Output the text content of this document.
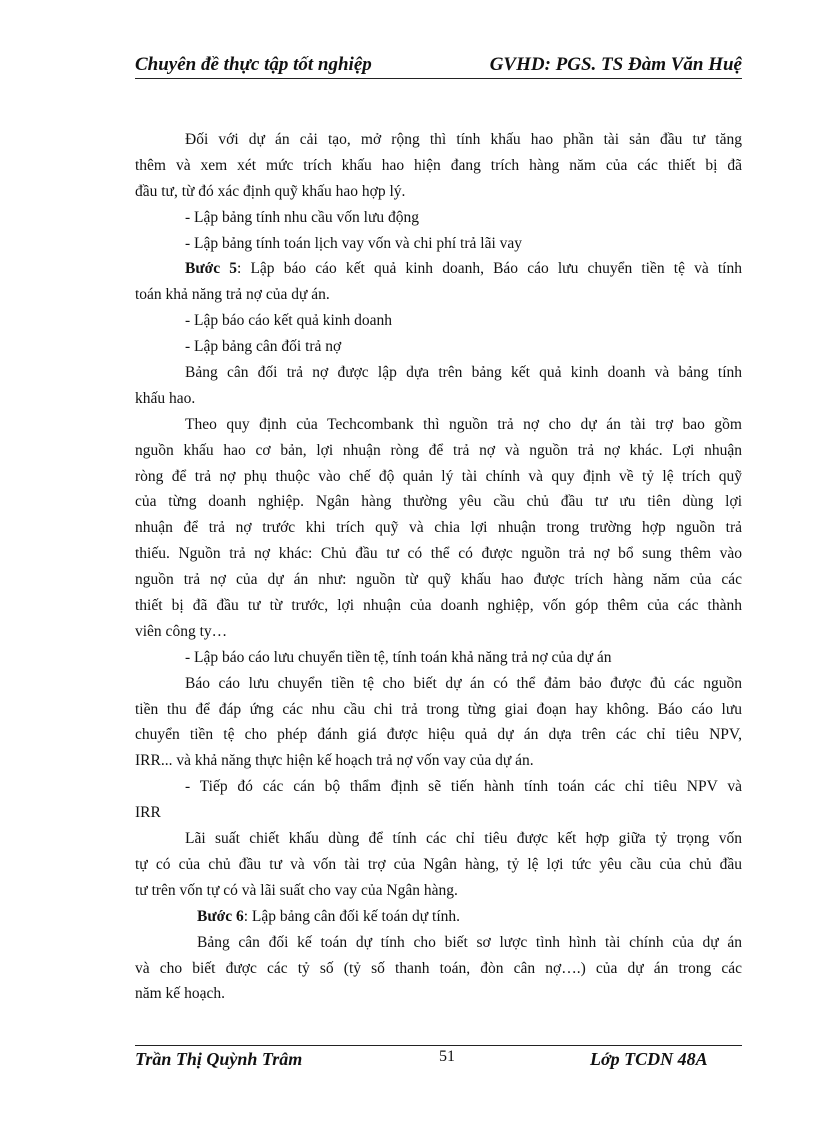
Chuyên đề thực tập tốt nghiệp	GVHD: PGS. TS Đàm Văn Huệ
Đối với dự án cải tạo, mở rộng thì tính khấu hao phần tài sản đầu tư tăng
thêm và xem xét mức trích khấu hao hiện đang trích hàng năm của các thiết bị đã
đầu tư, từ đó xác định quỹ khấu hao hợp lý.
- Lập bảng tính nhu cầu vốn lưu động
- Lập bảng tính toán lịch vay vốn và chi phí trả lãi vay
Bước 5: Lập báo cáo kết quả kinh doanh, Báo cáo lưu chuyển tiền tệ và tính
toán khả năng trả nợ của dự án.
- Lập báo cáo kết quả kinh doanh
- Lập bảng cân đối trả nợ
Bảng cân đối trả nợ được lập dựa trên bảng kết quả kinh doanh và bảng tính
khấu hao.
Theo quy định của Techcombank thì nguồn trả nợ cho dự án tài trợ bao gồm
nguồn khấu hao cơ bản, lợi nhuận ròng để trả nợ và nguồn trả nợ khác. Lợi nhuận
ròng để trả nợ phụ thuộc vào chế độ quản lý tài chính và quy định về tỷ lệ trích quỹ
của từng doanh nghiệp. Ngân hàng thường yêu cầu chủ đầu tư ưu tiên dùng lợi
nhuận để trả nợ trước khi trích quỹ và chia lợi nhuận trong trường hợp nguồn trả
thiếu. Nguồn trả nợ khác: Chủ đầu tư có thể có được nguồn trả nợ bổ sung thêm vào
nguồn trả nợ của dự án như: nguồn từ quỹ khấu hao được trích hàng năm của các
thiết bị đã đầu tư từ trước, lợi nhuận của doanh nghiệp, vốn góp thêm của các thành
viên công ty…
- Lập báo cáo lưu chuyển tiền tệ, tính toán khả năng trả nợ của dự án
Báo cáo lưu chuyển tiền tệ cho biết dự án có thể đảm bảo được đủ các nguồn
tiền thu để đáp ứng các nhu cầu chi trả trong từng giai đoạn hay không. Báo cáo lưu
chuyển tiền tệ cho phép đánh giá được hiệu quả dự án dựa trên các chỉ tiêu NPV,
IRR... và khả năng thực hiện kế hoạch trả nợ vốn vay của dự án.
- Tiếp đó các cán bộ thẩm định sẽ tiến hành tính toán các chỉ tiêu NPV và
IRR
Lãi suất chiết khấu dùng để tính các chỉ tiêu được kết hợp giữa tỷ trọng vốn
tự có của chủ đầu tư và vốn tài trợ của Ngân hàng, tỷ lệ lợi tức yêu cầu của chủ đầu
tư trên vốn tự có và lãi suất cho vay của Ngân hàng.
Bước 6: Lập bảng cân đối kế toán dự tính.
Bảng cân đối kế toán dự tính cho biết sơ lược tình hình tài chính của dự án
và cho biết được các tỷ số (tỷ số thanh toán, đòn cân nợ….) của dự án trong các
năm kế hoạch.
Trần Thị Quỳnh Trâm	51	Lớp TCDN 48A
